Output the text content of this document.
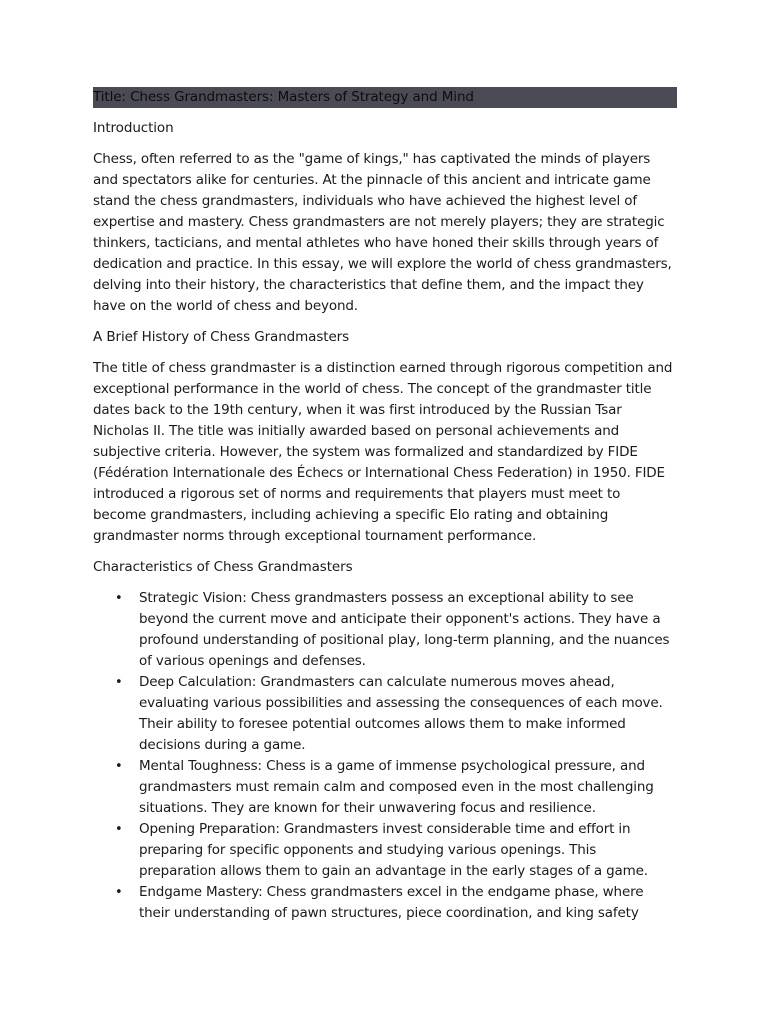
Title: Chess Grandmasters: Masters of Strategy and Mind
Introduction

Chess, often referred to as the "game of kings," has captivated the minds of players and spectators alike for centuries. At the pinnacle of this ancient and intricate game stand the chess grandmasters, individuals who have achieved the highest level of expertise and mastery. Chess grandmasters are not merely players; they are strategic thinkers, tacticians, and mental athletes who have honed their skills through years of dedication and practice. In this essay, we will explore the world of chess grandmasters, delving into their history, the characteristics that define them, and the impact they have on the world of chess and beyond.

A Brief History of Chess Grandmasters

The title of chess grandmaster is a distinction earned through rigorous competition and exceptional performance in the world of chess. The concept of the grandmaster title dates back to the 19th century, when it was first introduced by the Russian Tsar Nicholas II. The title was initially awarded based on personal achievements and subjective criteria. However, the system was formalized and standardized by FIDE (Fédération Internationale des Échecs or International Chess Federation) in 1950. FIDE introduced a rigorous set of norms and requirements that players must meet to become grandmasters, including achieving a specific Elo rating and obtaining grandmaster norms through exceptional tournament performance.

Characteristics of Chess Grandmasters
• Strategic Vision: Chess grandmasters possess an exceptional ability to see beyond the current move and anticipate their opponent's actions. They have a profound understanding of positional play, long-term planning, and the nuances of various openings and defenses.
• Deep Calculation: Grandmasters can calculate numerous moves ahead, evaluating various possibilities and assessing the consequences of each move. Their ability to foresee potential outcomes allows them to make informed decisions during a game.
• Mental Toughness: Chess is a game of immense psychological pressure, and grandmasters must remain calm and composed even in the most challenging situations. They are known for their unwavering focus and resilience.
• Opening Preparation: Grandmasters invest considerable time and effort in preparing for specific opponents and studying various openings. This preparation allows them to gain an advantage in the early stages of a game.
• Endgame Mastery: Chess grandmasters excel in the endgame phase, where their understanding of pawn structures, piece coordination, and king safety
